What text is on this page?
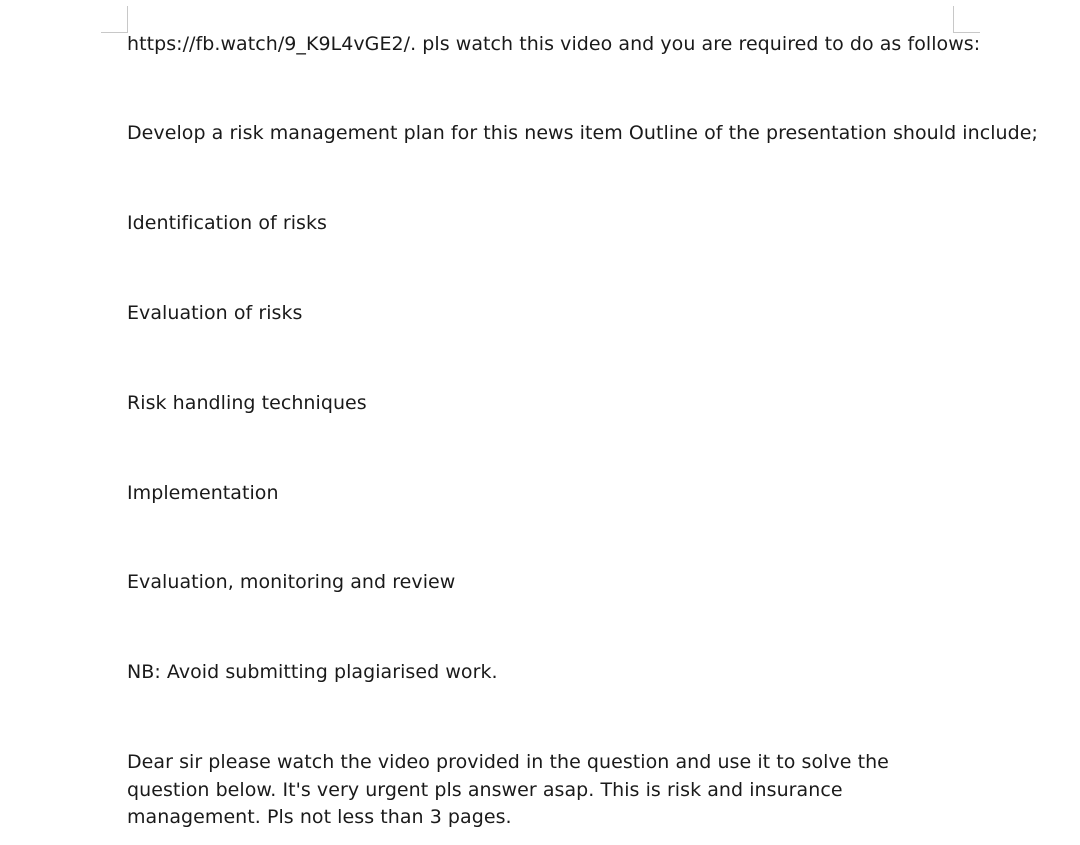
https://fb.watch/9_K9L4vGE2/. pls watch this video and you are required to do as follows:

Develop a risk management plan for this news item Outline of the presentation should include;

Identification of risks

Evaluation of risks

Risk handling techniques

Implementation

Evaluation, monitoring and review

NB: Avoid submitting plagiarised work.

Dear sir please watch the video provided in the question and use it to solve the question below. It's very urgent pls answer asap. This is risk and insurance management. Pls not less than 3 pages.
